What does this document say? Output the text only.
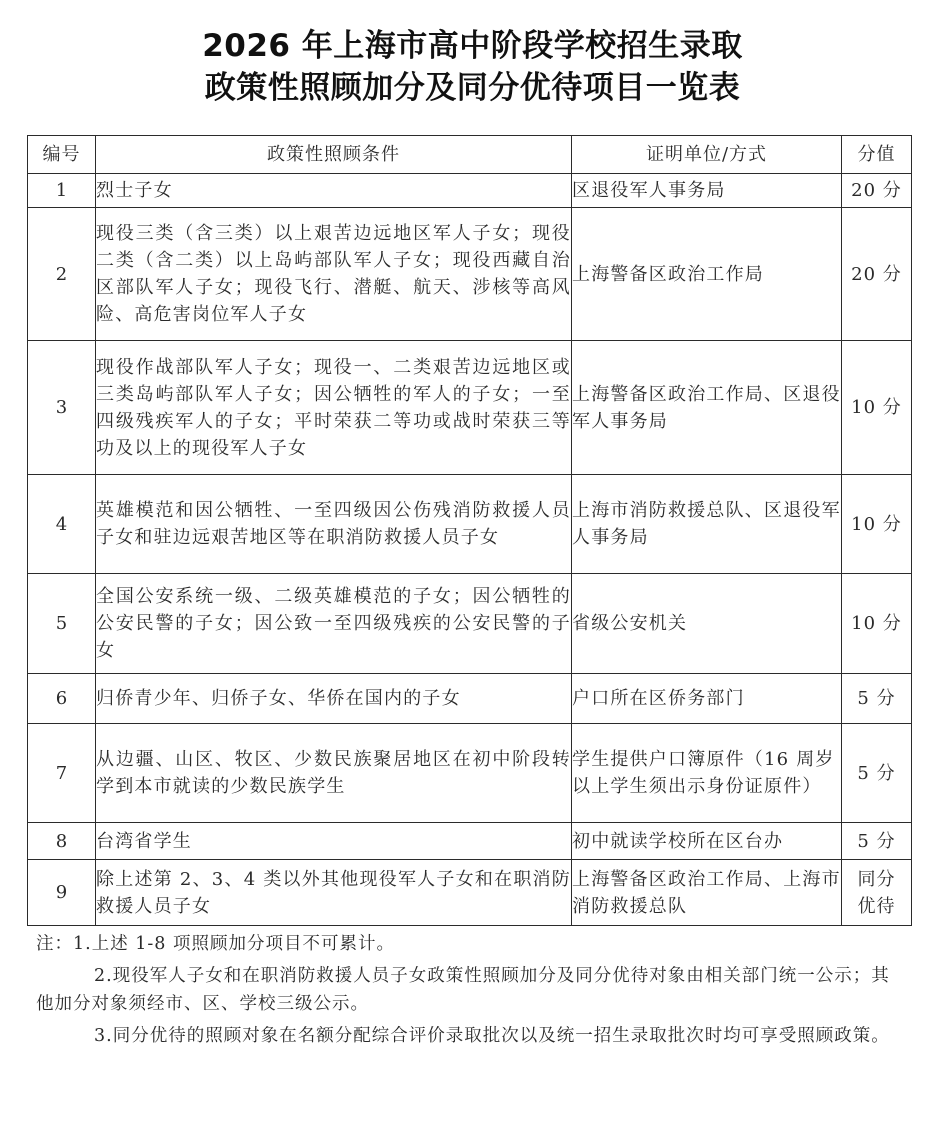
2026 年上海市高中阶段学校招生录取
政策性照顾加分及同分优待项目一览表
编号	政策性照顾条件	证明单位/方式	分值
1	烈士子女	区退役军人事务局	20 分
2	现役三类（含三类）以上艰苦边远地区军人子女；现役二类（含二类）以上岛屿部队军人子女；现役西藏自治区部队军人子女；现役飞行、潜艇、航天、涉核等高风险、高危害岗位军人子女	上海警备区政治工作局	20 分
3	现役作战部队军人子女；现役一、二类艰苦边远地区或三类岛屿部队军人子女；因公牺牲的军人的子女；一至四级残疾军人的子女；平时荣获二等功或战时荣获三等功及以上的现役军人子女	上海警备区政治工作局、区退役军人事务局	10 分
4	英雄模范和因公牺牲、一至四级因公伤残消防救援人员子女和驻边远艰苦地区等在职消防救援人员子女	上海市消防救援总队、区退役军人事务局	10 分
5	全国公安系统一级、二级英雄模范的子女；因公牺牲的公安民警的子女；因公致一至四级残疾的公安民警的子女	省级公安机关	10 分
6	归侨青少年、归侨子女、华侨在国内的子女	户口所在区侨务部门	5 分
7	从边疆、山区、牧区、少数民族聚居地区在初中阶段转学到本市就读的少数民族学生	学生提供户口簿原件（16 周岁以上学生须出示身份证原件）	5 分
8	台湾省学生	初中就读学校所在区台办	5 分
9	除上述第 2、3、4 类以外其他现役军人子女和在职消防救援人员子女	上海警备区政治工作局、上海市消防救援总队	同分优待

注：1.上述 1-8 项照顾加分项目不可累计。

2.现役军人子女和在职消防救援人员子女政策性照顾加分及同分优待对象由相关部门统一公示；其他加分对象须经市、区、学校三级公示。

3.同分优待的照顾对象在名额分配综合评价录取批次以及统一招生录取批次时均可享受照顾政策。
